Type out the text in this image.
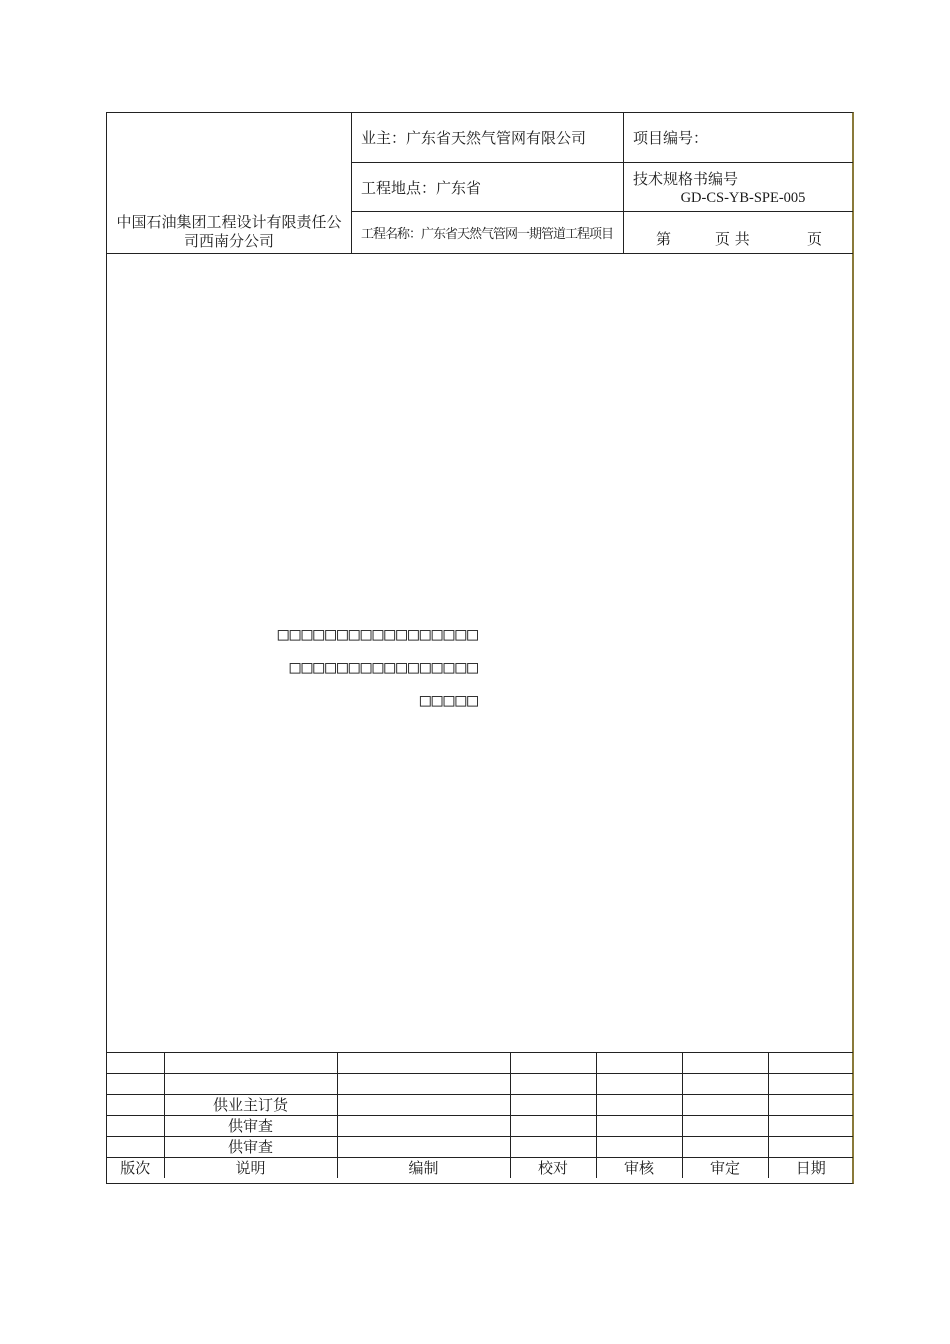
中国石油集团工程设计有限责任公司西南分公司
业主：广东省天然气管网有限公司
工程地点：广东省
工程名称：广东省天然气管网一期管道工程项目
项目编号：
技术规格书编号
GD-CS-YB-SPE-005
第	页 共	页
□□□□□□□□□□□□□□□□□
□□□□□□□□□□□□□□□□
□□□□□

	供业主订货					
	供审查					
	供审查					
版次	说明	编制	校对	审核	审定	日期
